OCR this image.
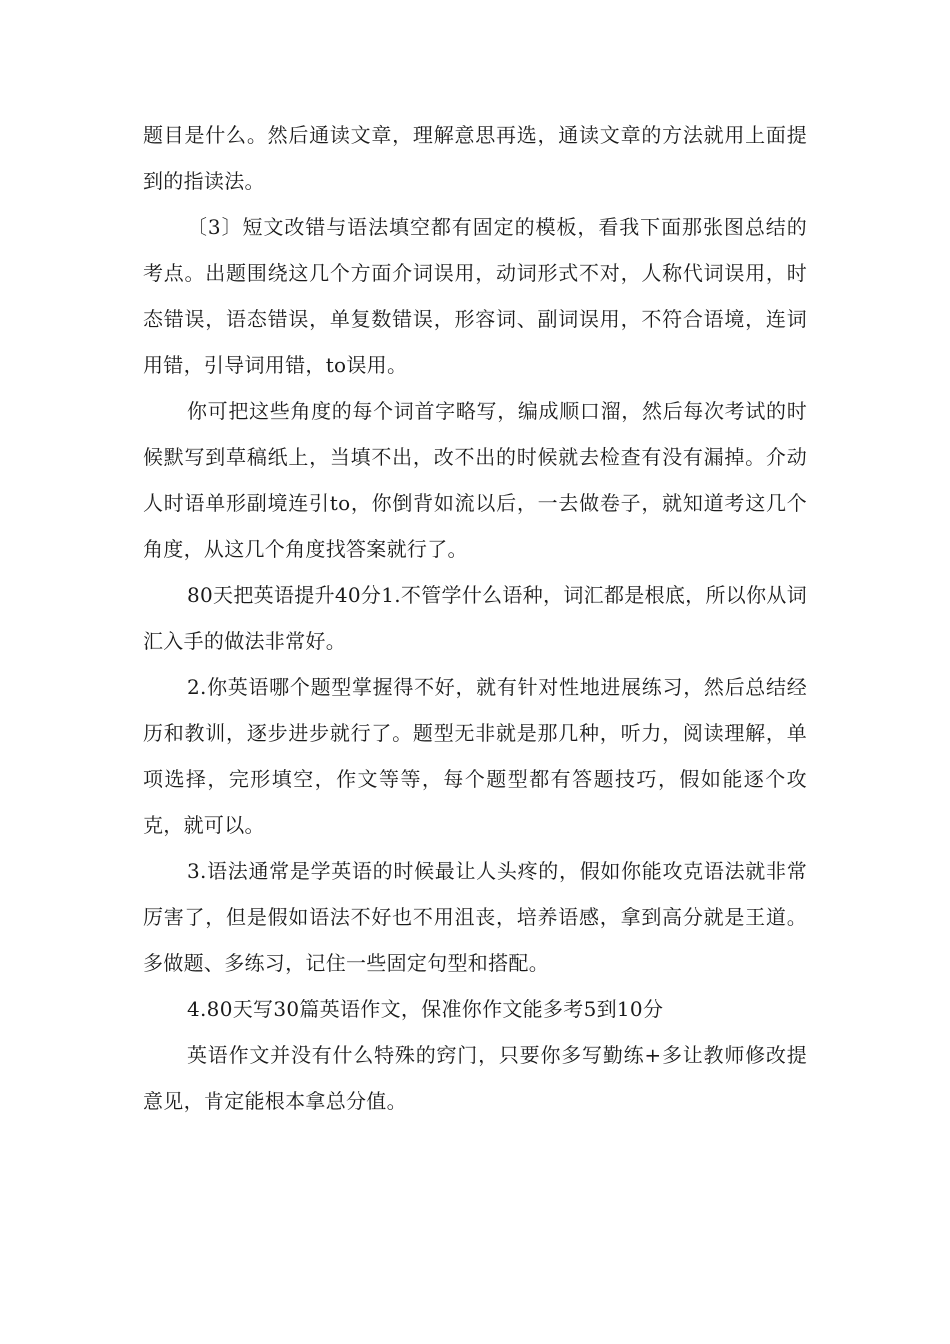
题目是什么。然后通读文章，理解意思再选，通读文章的方法就用上面提到的指读法。

〔3〕短文改错与语法填空都有固定的模板，看我下面那张图总结的考点。出题围绕这几个方面介词误用，动词形式不对，人称代词误用，时态错误，语态错误，单复数错误，形容词、副词误用，不符合语境，连词用错，引导词用错，to误用。

你可把这些角度的每个词首字略写，编成顺口溜，然后每次考试的时候默写到草稿纸上，当填不出，改不出的时候就去检查有没有漏掉。介动人时语单形副境连引to，你倒背如流以后，一去做卷子，就知道考这几个角度，从这几个角度找答案就行了。

80天把英语提升40分1.不管学什么语种，词汇都是根底，所以你从词汇入手的做法非常好。

2.你英语哪个题型掌握得不好，就有针对性地进展练习，然后总结经历和教训，逐步进步就行了。题型无非就是那几种，听力，阅读理解，单项选择，完形填空，作文等等，每个题型都有答题技巧，假如能逐个攻克，就可以。

3.语法通常是学英语的时候最让人头疼的，假如你能攻克语法就非常厉害了，但是假如语法不好也不用沮丧，培养语感，拿到高分就是王道。多做题、多练习，记住一些固定句型和搭配。

4.80天写30篇英语作文，保准你作文能多考5到10分

英语作文并没有什么特殊的窍门，只要你多写勤练+多让教师修改提意见，肯定能根本拿总分值。
